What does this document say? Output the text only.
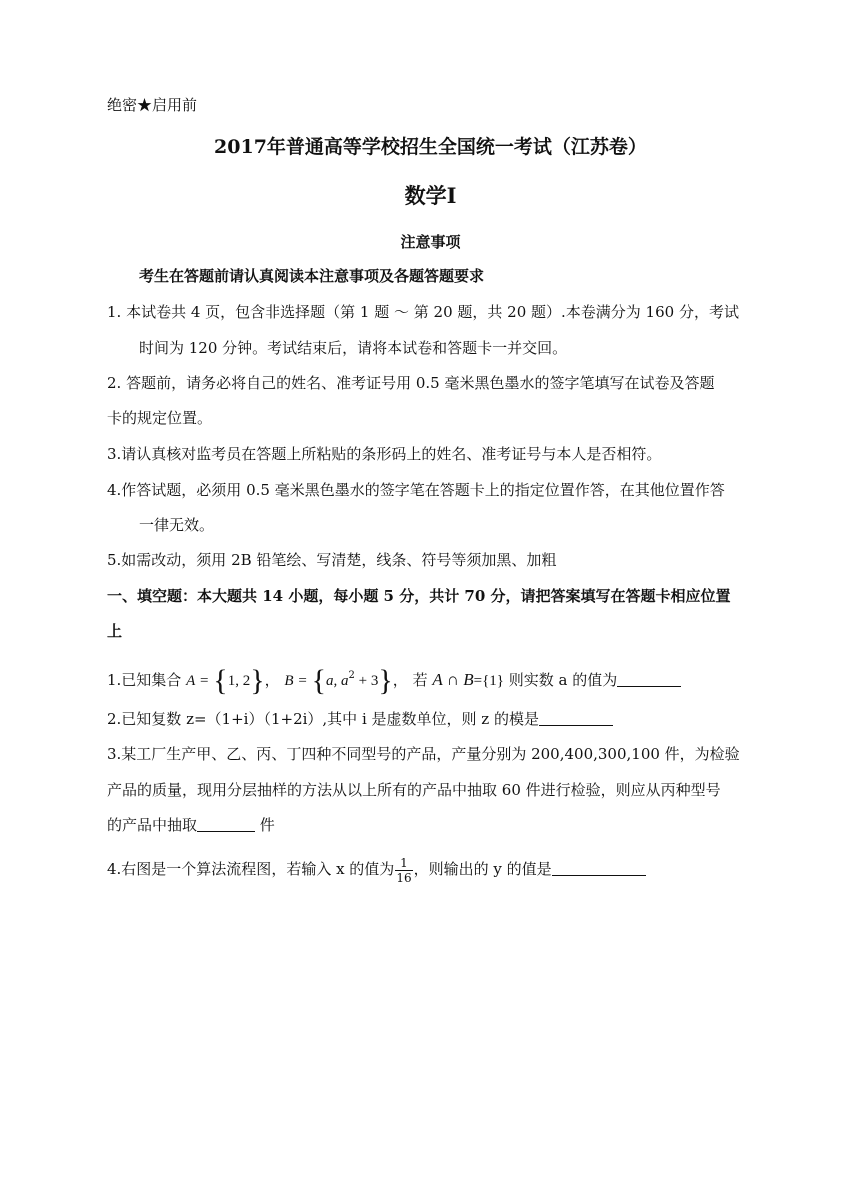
绝密★启用前
2017年普通高等学校招生全国统一考试（江苏卷）
数学Ⅰ
注意事项
考生在答题前请认真阅读本注意事项及各题答题要求
1. 本试卷共 4 页，包含非选择题（第 1 题 ～ 第 20 题，共 20 题）.本卷满分为 160 分，考试
时间为 120 分钟。考试结束后，请将本试卷和答题卡一并交回。
2. 答题前，请务必将自己的姓名、准考证号用 0.5 毫米黑色墨水的签字笔填写在试卷及答题
卡的规定位置。
3.请认真核对监考员在答题上所粘贴的条形码上的姓名、准考证号与本人是否相符。
4.作答试题，必须用 0.5 毫米黑色墨水的签字笔在答题卡上的指定位置作答，在其他位置作答
一律无效。
5.如需改动，须用 2B 铅笔绘、写清楚，线条、符号等须加黑、加粗
一、填空题：本大题共 14 小题，每小题 5 分，共计 70 分，请把答案填写在答题卡相应位置
上
1.已知集合 A = {1, 2}， B = {a, $a^2 + 3$}， 若 A ∩ B={1} 则实数 a 的值为
2.已知复数 z=（1+i）（1+2i）,其中 i 是虚数单位，则 z 的模是
3.某工厂生产甲、乙、丙、丁四种不同型号的产品，产量分别为 200,400,300,100 件，为检验
产品的质量，现用分层抽样的方法从以上所有的产品中抽取 60 件进行检验，则应从丙种型号
的产品中抽取	件
4.右图是一个算法流程图，若输入 x 的值为 $\frac{1}{16}$ ，则输出的 y 的值是
